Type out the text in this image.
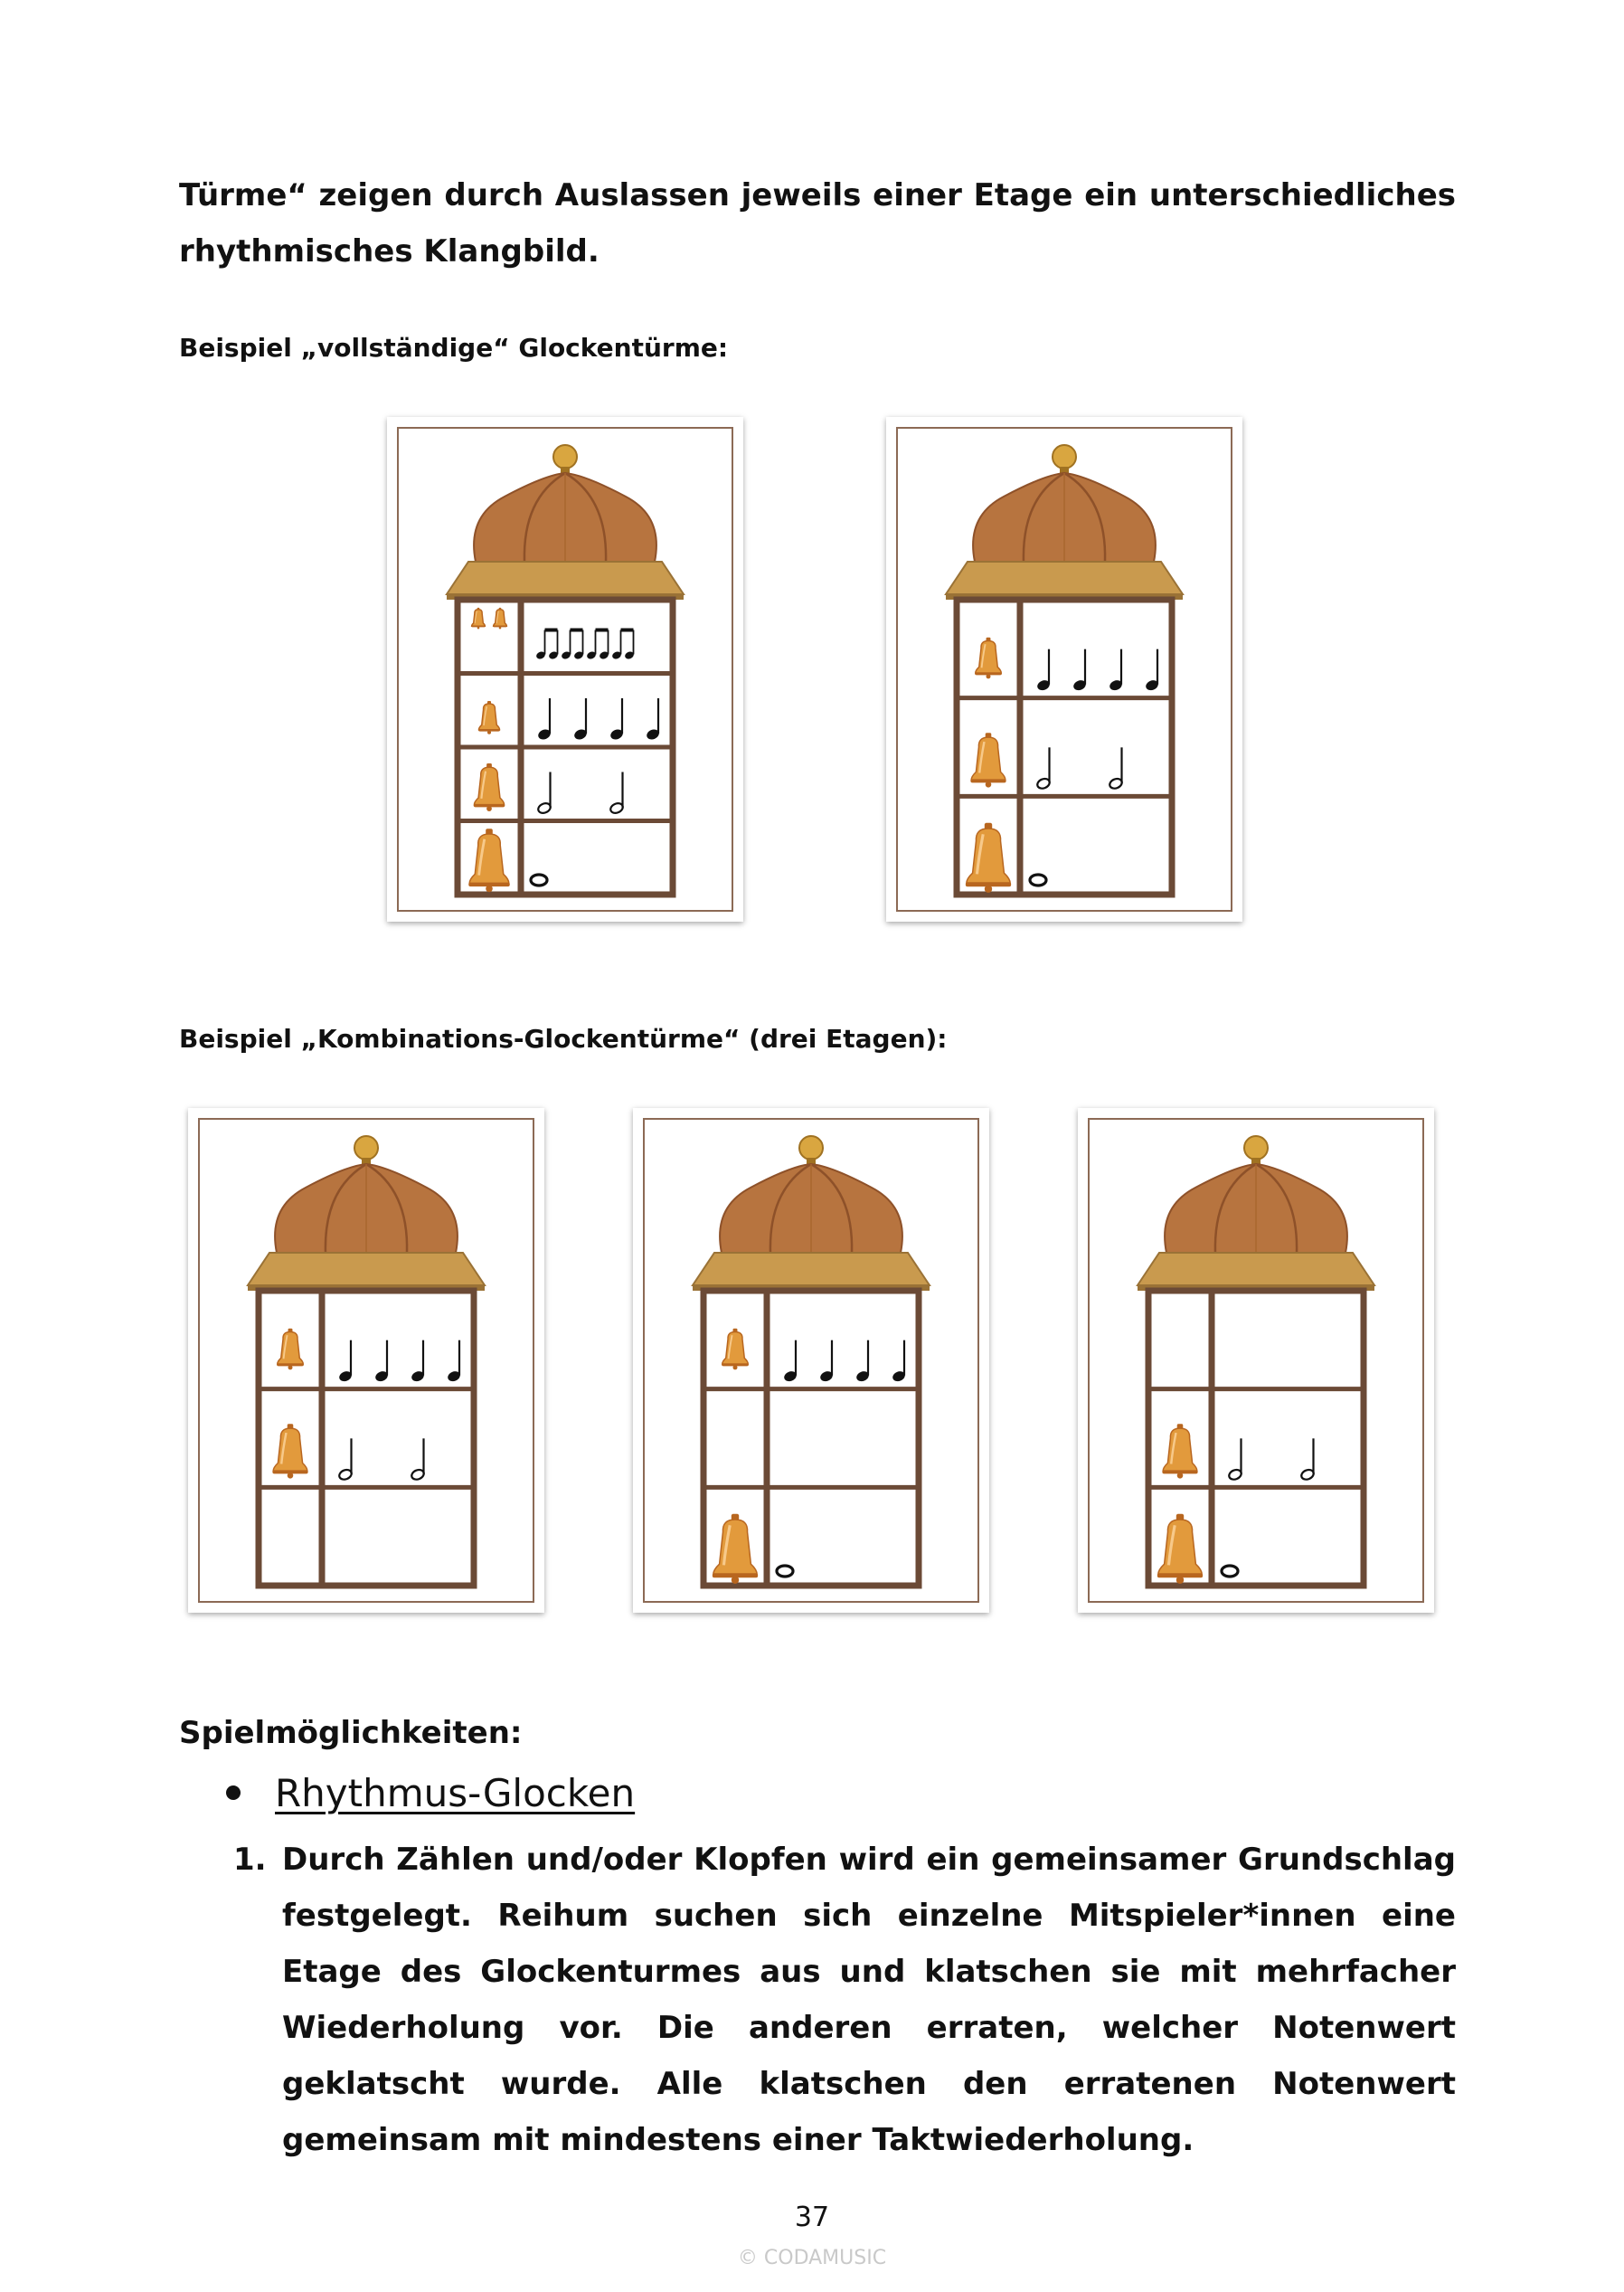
Türme“ zeigen durch Auslassen jeweils einer Etage ein unterschiedliches rhythmisches Klangbild.
Beispiel „vollständige“ Glockentürme:
Beispiel „Kombinations-Glockentürme“ (drei Etagen):
Spielmöglichkeiten:
Rhythmus-Glocken
1. Durch Zählen und/oder Klopfen wird ein gemeinsamer Grundschlag festgelegt. Reihum suchen sich einzelne Mitspieler*innen eine Etage des Glockenturmes aus und klatschen sie mit mehrfacher Wiederholung vor. Die anderen erraten, welcher Notenwert geklatscht wurde. Alle klatschen den erratenen Notenwert gemeinsam mit mindestens einer Taktwiederholung.
37
© CODAMUSIC
